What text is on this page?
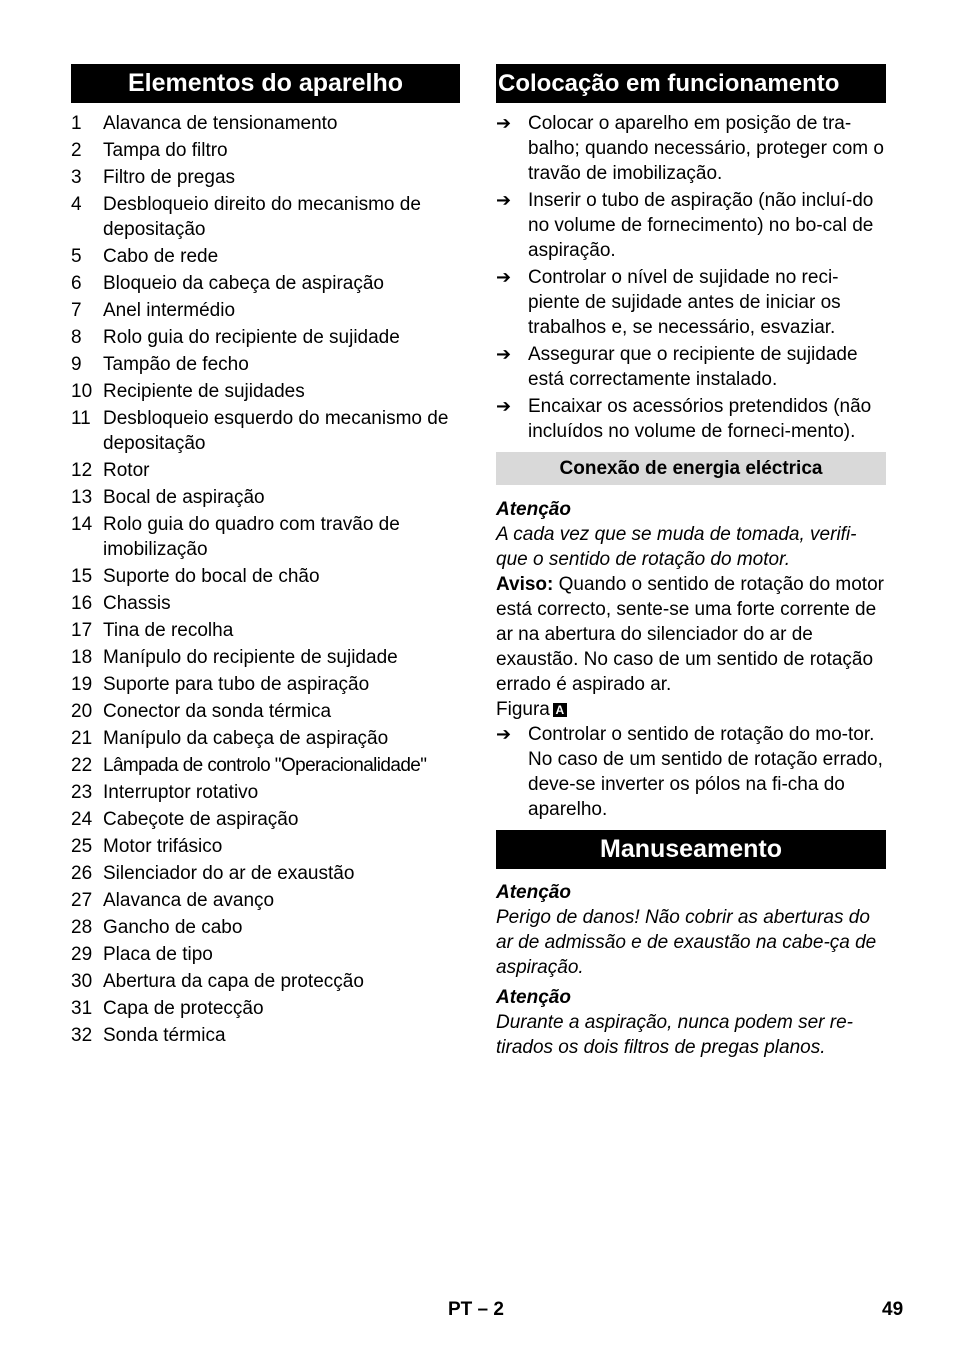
Elementos do aparelho
1	Alavanca de tensionamento
2	Tampa do filtro
3	Filtro de pregas
4	Desbloqueio direito do mecanismo de depositação
5	Cabo de rede
6	Bloqueio da cabeça de aspiração
7	Anel intermédio
8	Rolo guia do recipiente de sujidade
9	Tampão de fecho
10 Recipiente de sujidades
11 Desbloqueio esquerdo do mecanismo de depositação
12 Rotor
13 Bocal de aspiração
14 Rolo guia do quadro com travão de imobilização
15 Suporte do bocal de chão
16 Chassis
17 Tina de recolha
18 Manípulo do recipiente de sujidade
19 Suporte para tubo de aspiração
20 Conector da sonda térmica
21 Manípulo da cabeça de aspiração
22 Lâmpada de controlo "Operacionalidade"
23 Interruptor rotativo
24 Cabeçote de aspiração
25 Motor trifásico
26 Silenciador do ar de exaustão
27 Alavanca de avanço
28 Gancho de cabo
29 Placa de tipo
30 Abertura da capa de protecção
31 Capa de protecção
32 Sonda térmica
Colocação em funcionamento
➔ Colocar o aparelho em posição de tra- balho; quando necessário, proteger com o travão de imobilização.
➔ Inserir o tubo de aspiração (não incluí-do no volume de fornecimento) no bo-cal de aspiração.
➔ Controlar o nível de sujidade no reci-piente de sujidade antes de iniciar os trabalhos e, se necessário, esvaziar.
➔ Assegurar que o recipiente de sujidade está correctamente instalado.
➔ Encaixar os acessórios pretendidos (não incluídos no volume de forneci-mento).
Conexão de energia eléctrica
Atenção
A cada vez que se muda de tomada, verifi-que o sentido de rotação do motor.
Aviso: Quando o sentido de rotação do motor está correcto, sente-se uma forte corrente de ar na abertura do silenciador do ar de exaustão. No caso de um sentido de rotação errado é aspirado ar.
Figura A
➔ Controlar o sentido de rotação do mo-tor. No caso de um sentido de rotação errado, deve-se inverter os pólos na fi-cha do aparelho.
Manuseamento
Atenção
Perigo de danos! Não cobrir as aberturas do ar de admissão e de exaustão na cabe-ça de aspiração.
Atenção
Durante a aspiração, nunca podem ser re-tirados os dois filtros de pregas planos.
PT – 2	49
